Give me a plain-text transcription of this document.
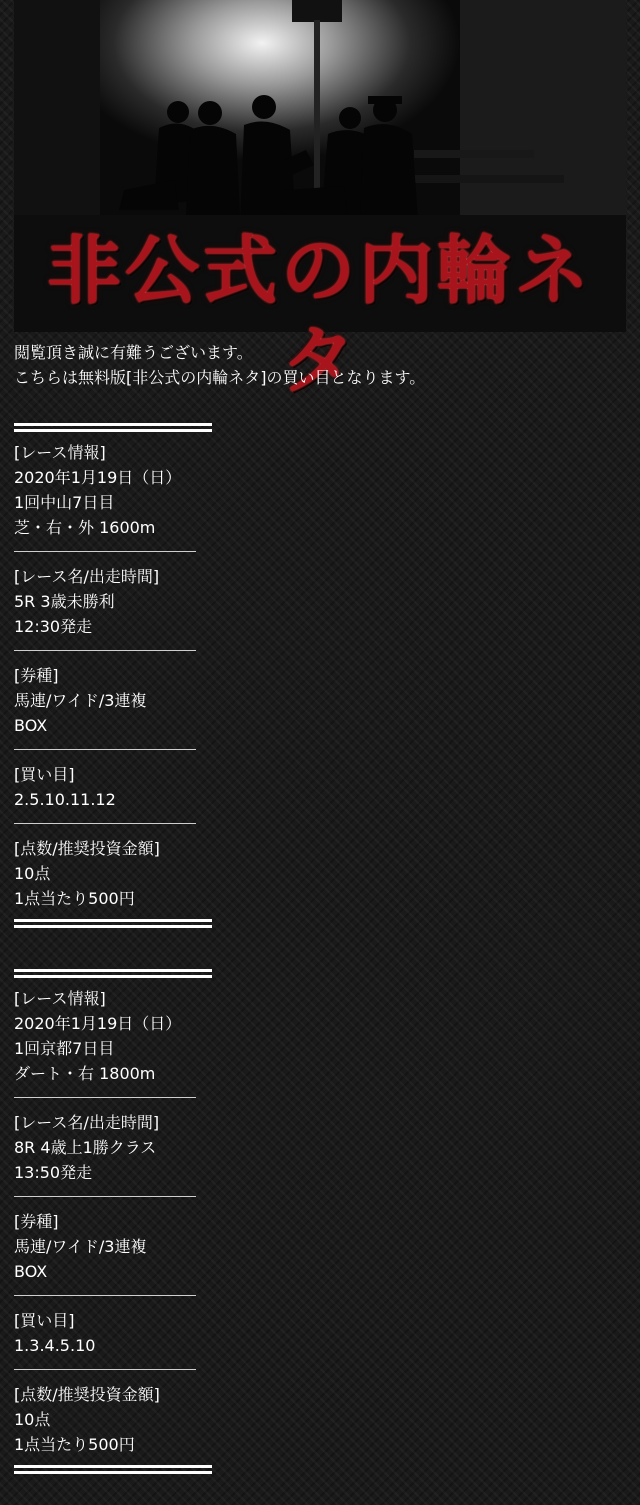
非公式の内輪ネタ

閲覧頂き誠に有難うございます。

こちらは無料版[非公式の内輪ネタ]の買い目となります。

[レース情報]

2020年1月19日（日）

1回中山7日目

芝・右・外 1600m

[レース名/出走時間]

5R 3歳未勝利

12:30発走

[券種]

馬連/ワイド/3連複

BOX

[買い目]

2.5.10.11.12

[点数/推奨投資金額]

10点

1点当たり500円

[レース情報]

2020年1月19日（日）

1回京都7日目

ダート・右 1800m

[レース名/出走時間]

8R 4歳上1勝クラス

13:50発走

[券種]

馬連/ワイド/3連複

BOX

[買い目]

1.3.4.5.10

[点数/推奨投資金額]

10点

1点当たり500円
